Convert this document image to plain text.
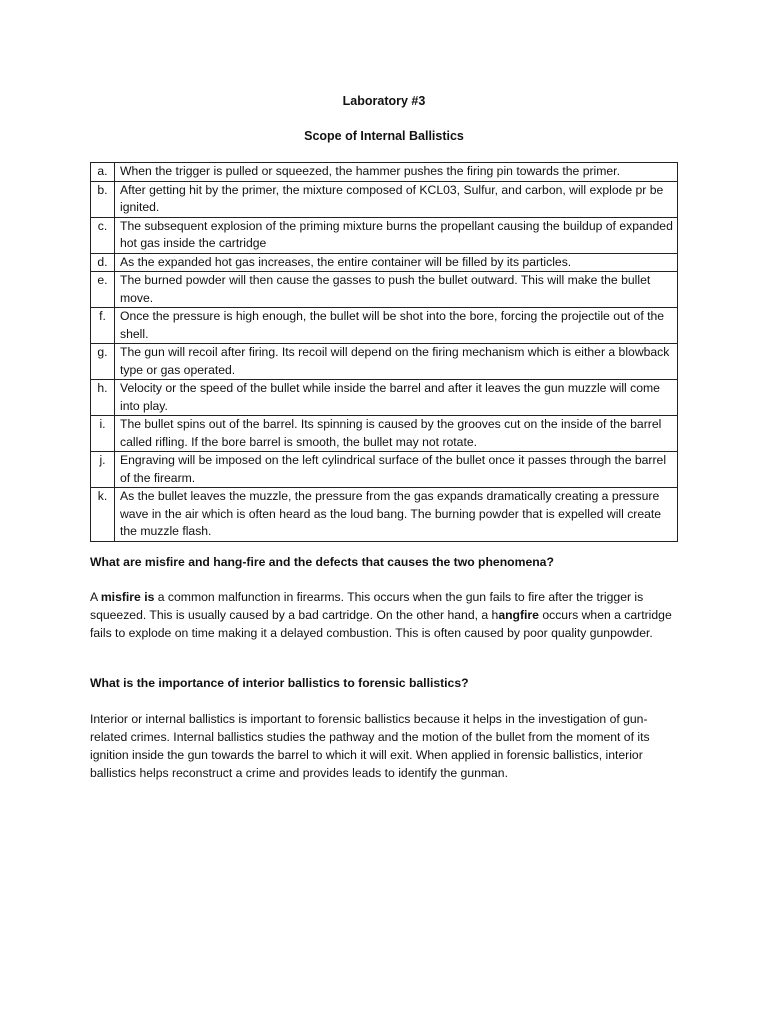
Laboratory #3

Scope of Internal Ballistics

a.	When the trigger is pulled or squeezed, the hammer pushes the firing pin towards the primer.
b.	After getting hit by the primer, the mixture composed of KCL03, Sulfur, and carbon, will explode pr be ignited.
c.	The subsequent explosion of the priming mixture burns the propellant causing the buildup of expanded hot gas inside the cartridge
d.	As the expanded hot gas increases, the entire container will be filled by its particles.
e.	The burned powder will then cause the gasses to push the bullet outward. This will make the bullet move.
f.	Once the pressure is high enough, the bullet will be shot into the bore, forcing the projectile out of the shell.
g.	The gun will recoil after firing. Its recoil will depend on the firing mechanism which is either a blowback type or gas operated.
h.	Velocity or the speed of the bullet while inside the barrel and after it leaves the gun muzzle will come into play.
i.	The bullet spins out of the barrel. Its spinning is caused by the grooves cut on the inside of the barrel called rifling. If the bore barrel is smooth, the bullet may not rotate.
j.	Engraving will be imposed on the left cylindrical surface of the bullet once it passes through the barrel of the firearm.
k.	As the bullet leaves the muzzle, the pressure from the gas expands dramatically creating a pressure wave in the air which is often heard as the loud bang. The burning powder that is expelled will create the muzzle flash.

What are misfire and hang-fire and the defects that causes the two phenomena?

A misfire is a common malfunction in firearms. This occurs when the gun fails to fire after the trigger is squeezed. This is usually caused by a bad cartridge. On the other hand, a hangfire occurs when a cartridge fails to explode on time making it a delayed combustion. This is often caused by poor quality gunpowder.

What is the importance of interior ballistics to forensic ballistics?

Interior or internal ballistics is important to forensic ballistics because it helps in the investigation of gun-related crimes. Internal ballistics studies the pathway and the motion of the bullet from the moment of its ignition inside the gun towards the barrel to which it will exit. When applied in forensic ballistics, interior ballistics helps reconstruct a crime and provides leads to identify the gunman.
